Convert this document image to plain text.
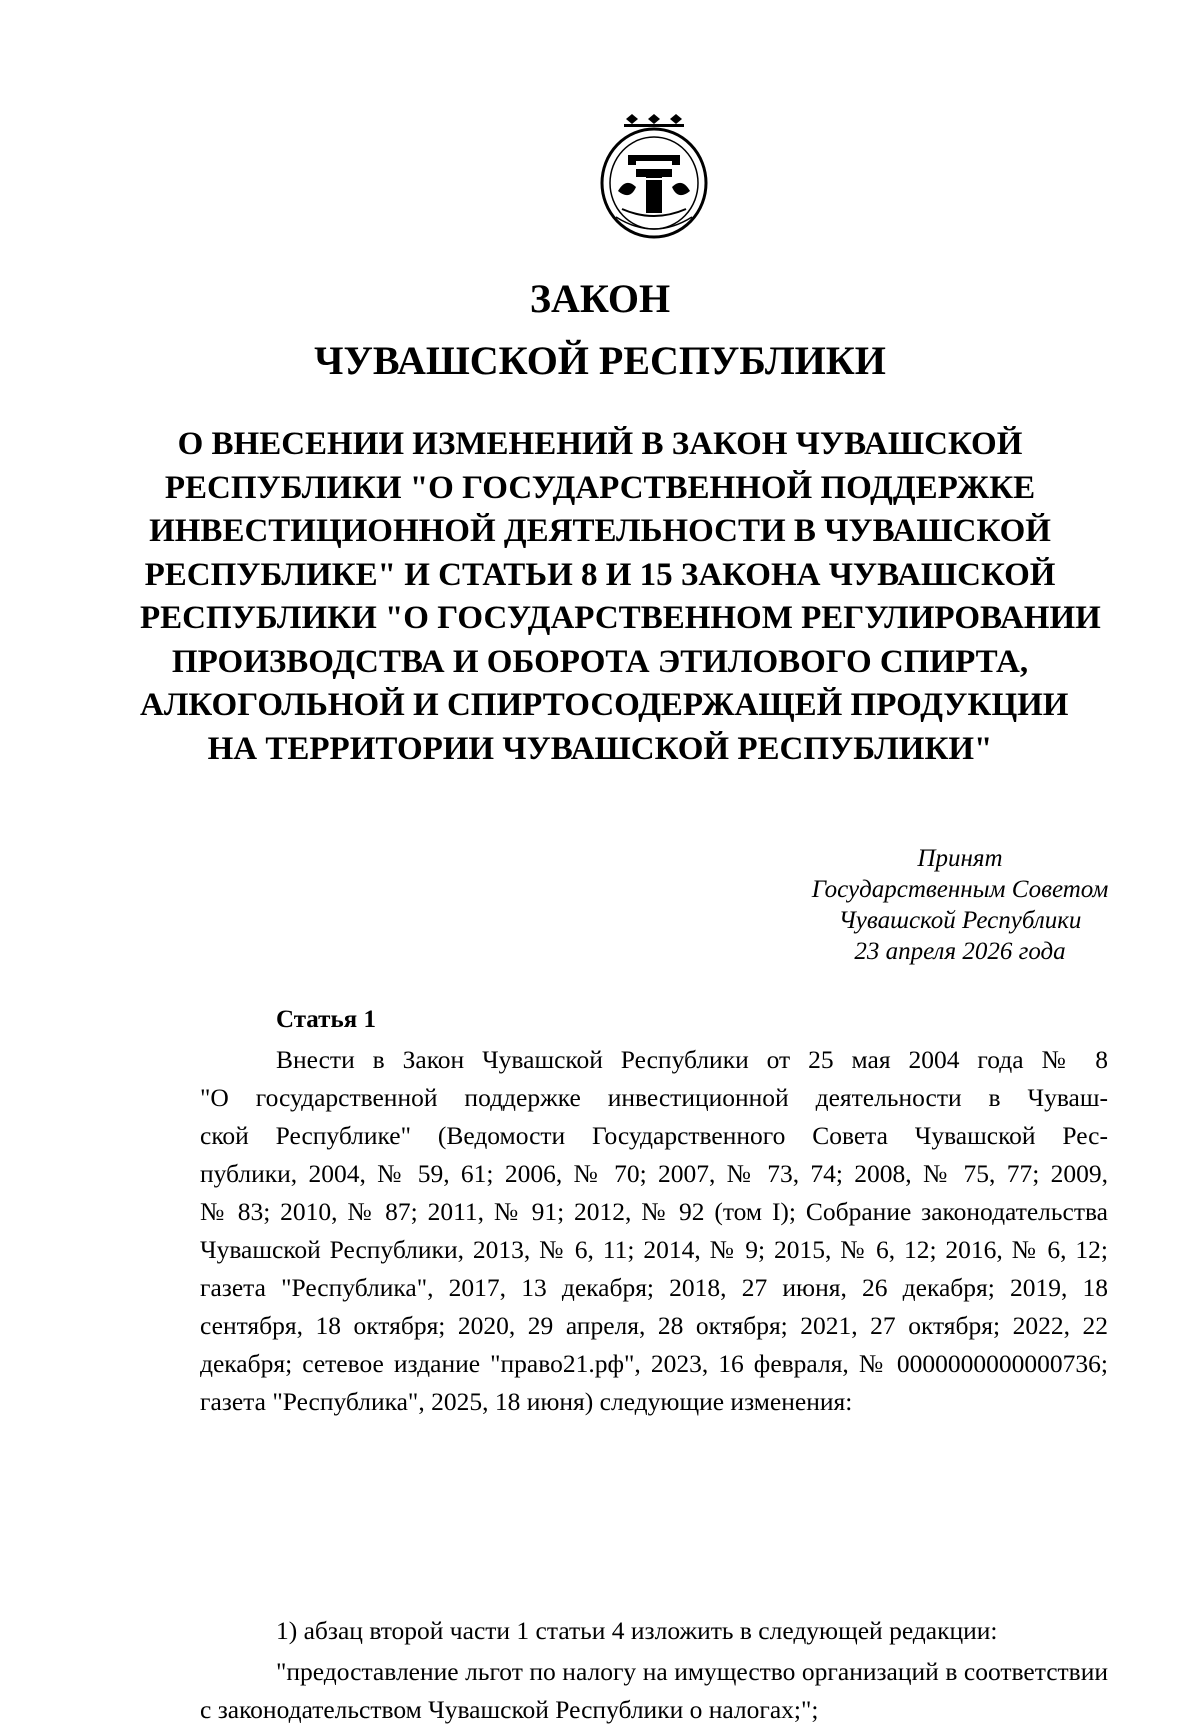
ЗАКОН
ЧУВАШСКОЙ РЕСПУБЛИКИ
О ВНЕСЕНИИ ИЗМЕНЕНИЙ В ЗАКОН ЧУВАШСКОЙ
РЕСПУБЛИКИ "О ГОСУДАРСТВЕННОЙ ПОДДЕРЖКЕ
ИНВЕСТИЦИОННОЙ ДЕЯТЕЛЬНОСТИ В ЧУВАШСКОЙ
РЕСПУБЛИКЕ" И СТАТЬИ 8 И 15 ЗАКОНА ЧУВАШСКОЙ
РЕСПУБЛИКИ "О ГОСУДАРСТВЕННОМ РЕГУЛИРОВАНИИ
ПРОИЗВОДСТВА И ОБОРОТА ЭТИЛОВОГО СПИРТА,
АЛКОГОЛЬНОЙ И СПИРТОСОДЕРЖАЩЕЙ ПРОДУКЦИИ
НА ТЕРРИТОРИИ ЧУВАШСКОЙ РЕСПУБЛИКИ"
Принят
Государственным Советом
Чувашской Республики
23 апреля 2026 года
Статья 1

Внести в Закон Чувашской Республики от 25 мая 2004 года № 8
"О государственной поддержке инвестиционной деятельности в Чуваш-
ской Республике" (Ведомости Государственного Совета Чувашской Рес-
публики, 2004, № 59, 61; 2006, № 70; 2007, № 73, 74; 2008, № 75, 77; 2009,
№ 83; 2010, № 87; 2011, № 91; 2012, № 92 (том I); Собрание законодательства Чувашской Республики, 2013, № 6, 11; 2014, № 9; 2015, № 6, 12; 2016, № 6, 12; газета "Республика", 2017, 13 декабря; 2018, 27 июня, 26 декабря; 2019, 18 сентября, 18 октября; 2020, 29 апреля, 28 октября; 2021, 27 октября; 2022, 22 декабря; сетевое издание "право21.рф", 2023, 16 февраля, № 0000000000000736; газета "Республика", 2025, 18 июня) следующие изменения:

1) абзац второй части 1 статьи 4 изложить в следующей редакции:

"предоставление льгот по налогу на имущество организаций в соответствии с законодательством Чувашской Республики о налогах;";
